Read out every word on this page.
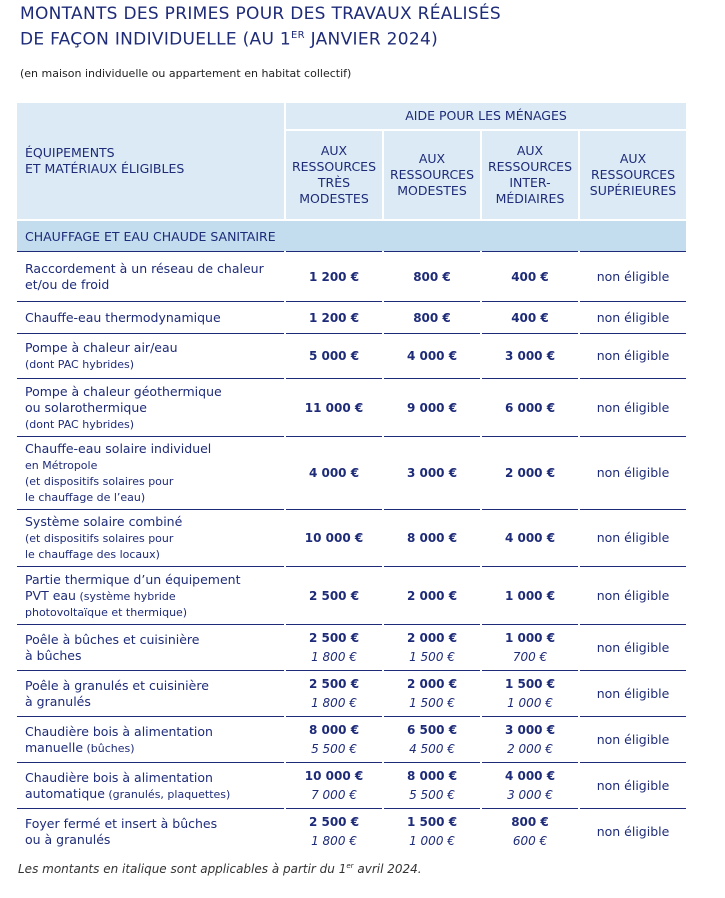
MONTANTS DES PRIMES POUR DES TRAVAUX RÉALISÉS
DE FAÇON INDIVIDUELLE (AU 1ER JANVIER 2024)
(en maison individuelle ou appartement en habitat collectif)
ÉQUIPEMENTS
ET MATÉRIAUX ÉLIGIBLES	AIDE POUR LES MÉNAGES			
	AUX
RESSOURCES
TRÈS
MODESTES	AUX
RESSOURCES
MODESTES	AUX
RESSOURCES
INTER-
MÉDIAIRES	AUX
RESSOURCES
SUPÉRIEURES
CHAUFFAGE ET EAU CHAUDE SANITAIRE				
Raccordement à un réseau de chaleur
et/ou de froid	1 200 €	800 €	400 €	non éligible
Chauffe-eau thermodynamique	1 200 €	800 €	400 €	non éligible
Pompe à chaleur air/eau
(dont PAC hybrides)	5 000 €	4 000 €	3 000 €	non éligible
Pompe à chaleur géothermique
ou solarothermique
(dont PAC hybrides)	11 000 €	9 000 €	6 000 €	non éligible
Chauffe-eau solaire individuel
en Métropole
(et dispositifs solaires pour
le chauffage de l’eau)	4 000 €	3 000 €	2 000 €	non éligible
Système solaire combiné
(et dispositifs solaires pour
le chauffage des locaux)	10 000 €	8 000 €	4 000 €	non éligible
Partie thermique d’un équipement
PVT eau (système hybride
photovoltaïque et thermique)	2 500 €	2 000 €	1 000 €	non éligible
Poêle à bûches et cuisinière
à bûches	2 500 €
1 800 €	2 000 €
1 500 €	1 000 €
700 €	non éligible
Poêle à granulés et cuisinière
à granulés	2 500 €
1 800 €	2 000 €
1 500 €	1 500 €
1 000 €	non éligible
Chaudière bois à alimentation
manuelle (bûches)	8 000 €
5 500 €	6 500 €
4 500 €	3 000 €
2 000 €	non éligible
Chaudière bois à alimentation
automatique (granulés, plaquettes)	10 000 €
7 000 €	8 000 €
5 500 €	4 000 €
3 000 €	non éligible
Foyer fermé et insert à bûches
ou à granulés	2 500 €
1 800 €	1 500 €
1 000 €	800 €
600 €	non éligible
Les montants en italique sont applicables à partir du 1er avril 2024.
